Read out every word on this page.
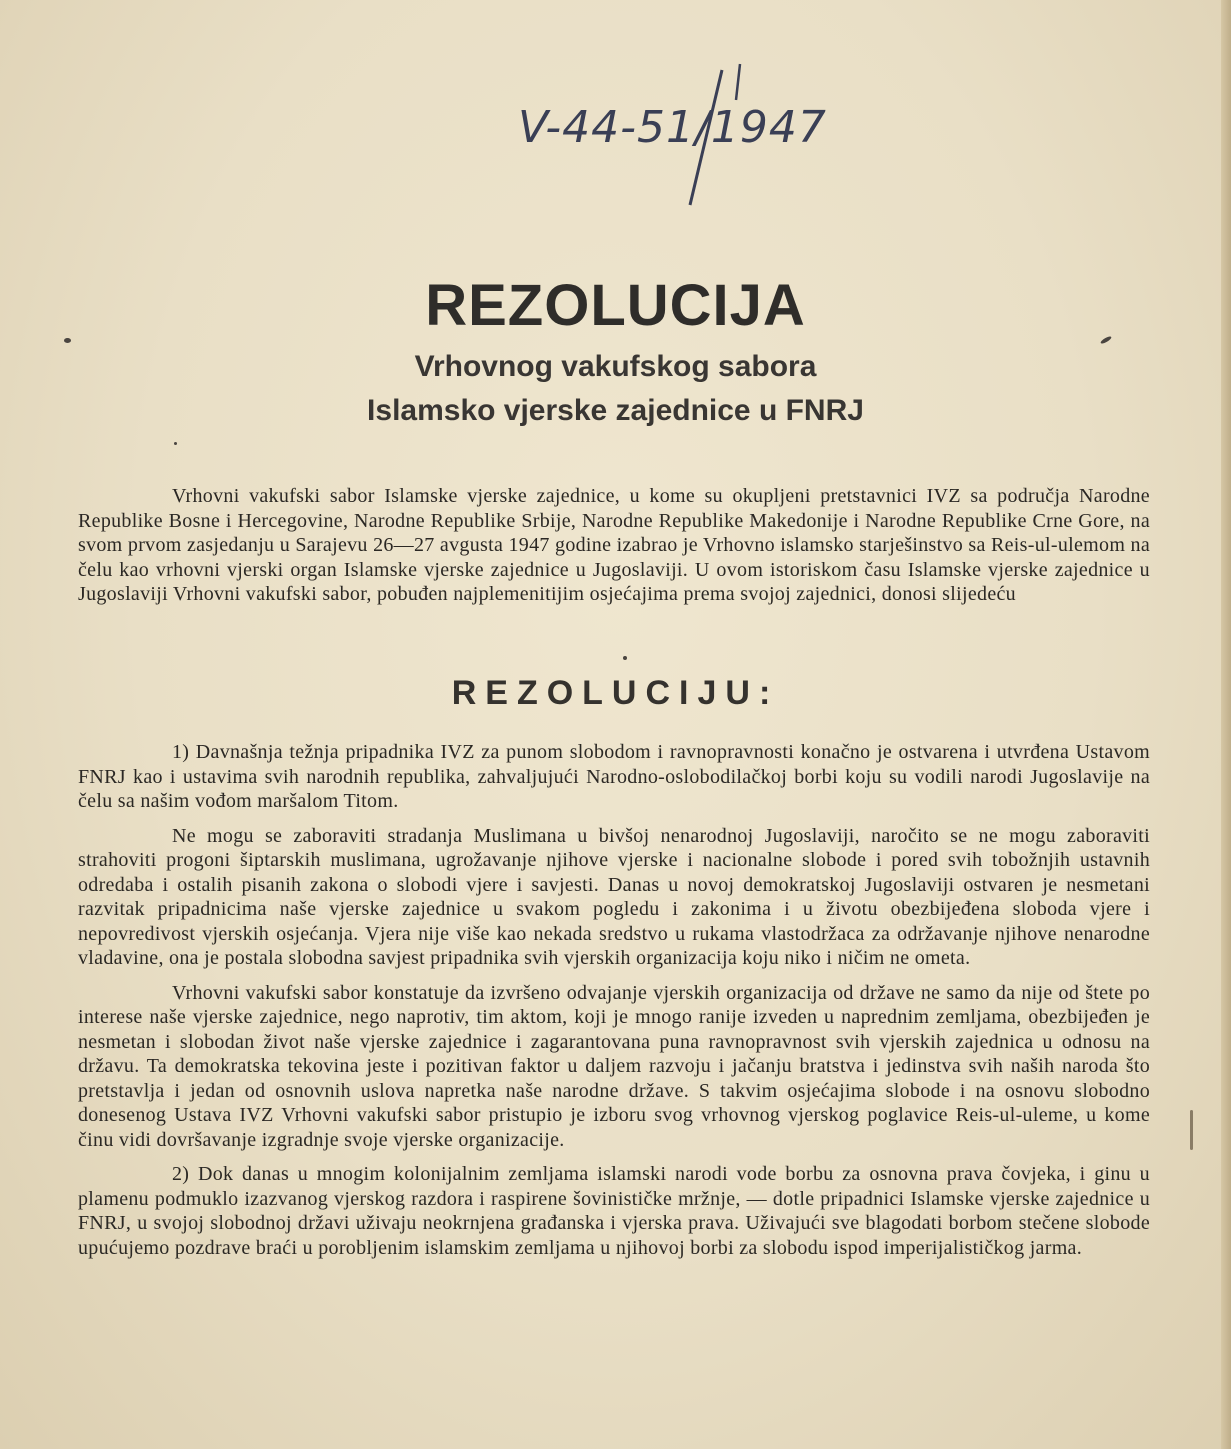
V-44-51/1947
REZOLUCIJA
Vrhovnog vakufskog sabora
Islamsko vjerske zajednice u FNRJ

Vrhovni vakufski sabor Islamske vjerske zajednice, u kome su okupljeni pretstavnici IVZ sa područja Narodne Republike Bosne i Hercegovine, Narodne Republike Srbije, Narodne Republike Makedonije i Narodne Republike Crne Gore, na svom prvom zasjedanju u Sarajevu 26—27 avgusta 1947 godine izabrao je Vrhovno islamsko starješinstvo sa Reis-ul-ulemom na čelu kao vrhovni vjerski organ Islamske vjerske zajednice u Jugoslaviji. U ovom istoriskom času Islamske vjerske zajednice u Jugoslaviji Vrhovni vakufski sabor, pobuđen najplemenitijim osjećajima prema svojoj zajednici, donosi slijedeću

REZOLUCIJU:

1) Davnašnja težnja pripadnika IVZ za punom slobodom i ravnopravnosti konačno je ostvarena i utvrđena Ustavom FNRJ kao i ustavima svih narodnih republika, zahvaljujući Narodno-oslobodilačkoj borbi koju su vodili narodi Jugoslavije na čelu sa našim vođom maršalom Titom.

Ne mogu se zaboraviti stradanja Muslimana u bivšoj nenarodnoj Jugoslaviji, naročito se ne mogu zaboraviti strahoviti progoni šiptarskih muslimana, ugrožavanje njihove vjerske i nacionalne slobode i pored svih tobožnjih ustavnih odredaba i ostalih pisanih zakona o slobodi vjere i savjesti. Danas u novoj demokratskoj Jugoslaviji ostvaren je nesmetani razvitak pripadnicima naše vjerske zajednice u svakom pogledu i zakonima i u životu obezbijeđena sloboda vjere i nepovredivost vjerskih osjećanja. Vjera nije više kao nekada sredstvo u rukama vlastodržaca za održavanje njihove nenarodne vladavine, ona je postala slobodna savjest pripadnika svih vjerskih organizacija koju niko i ničim ne ometa.

Vrhovni vakufski sabor konstatuje da izvršeno odvajanje vjerskih organizacija od države ne samo da nije od štete po interese naše vjerske zajednice, nego naprotiv, tim aktom, koji je mnogo ranije izveden u naprednim zemljama, obezbijeđen je nesmetan i slobodan život naše vjerske zajednice i zagarantovana puna ravnopravnost svih vjerskih zajednica u odnosu na državu. Ta demokratska tekovina jeste i pozitivan faktor u daljem razvoju i jačanju bratstva i jedinstva svih naših naroda što pretstavlja i jedan od osnovnih uslova napretka naše narodne države. S takvim osjećajima slobode i na osnovu slobodno donesenog Ustava IVZ Vrhovni vakufski sabor pristupio je izboru svog vrhovnog vjerskog poglavice Reis-ul-uleme, u kome činu vidi dovršavanje izgradnje svoje vjerske organizacije.

2) Dok danas u mnogim kolonijalnim zemljama islamski narodi vode borbu za osnovna prava čovjeka, i ginu u plamenu podmuklo izazvanog vjerskog razdora i raspirene šovinističke mržnje, — dotle pripadnici Islamske vjerske zajednice u FNRJ, u svojoj slobodnoj državi uživaju neokrnjena građanska i vjerska prava. Uživajući sve blagodati borbom stečene slobode upućujemo pozdrave braći u porobljenim islamskim zemljama u njihovoj borbi za slobodu ispod imperijalističkog jarma.
